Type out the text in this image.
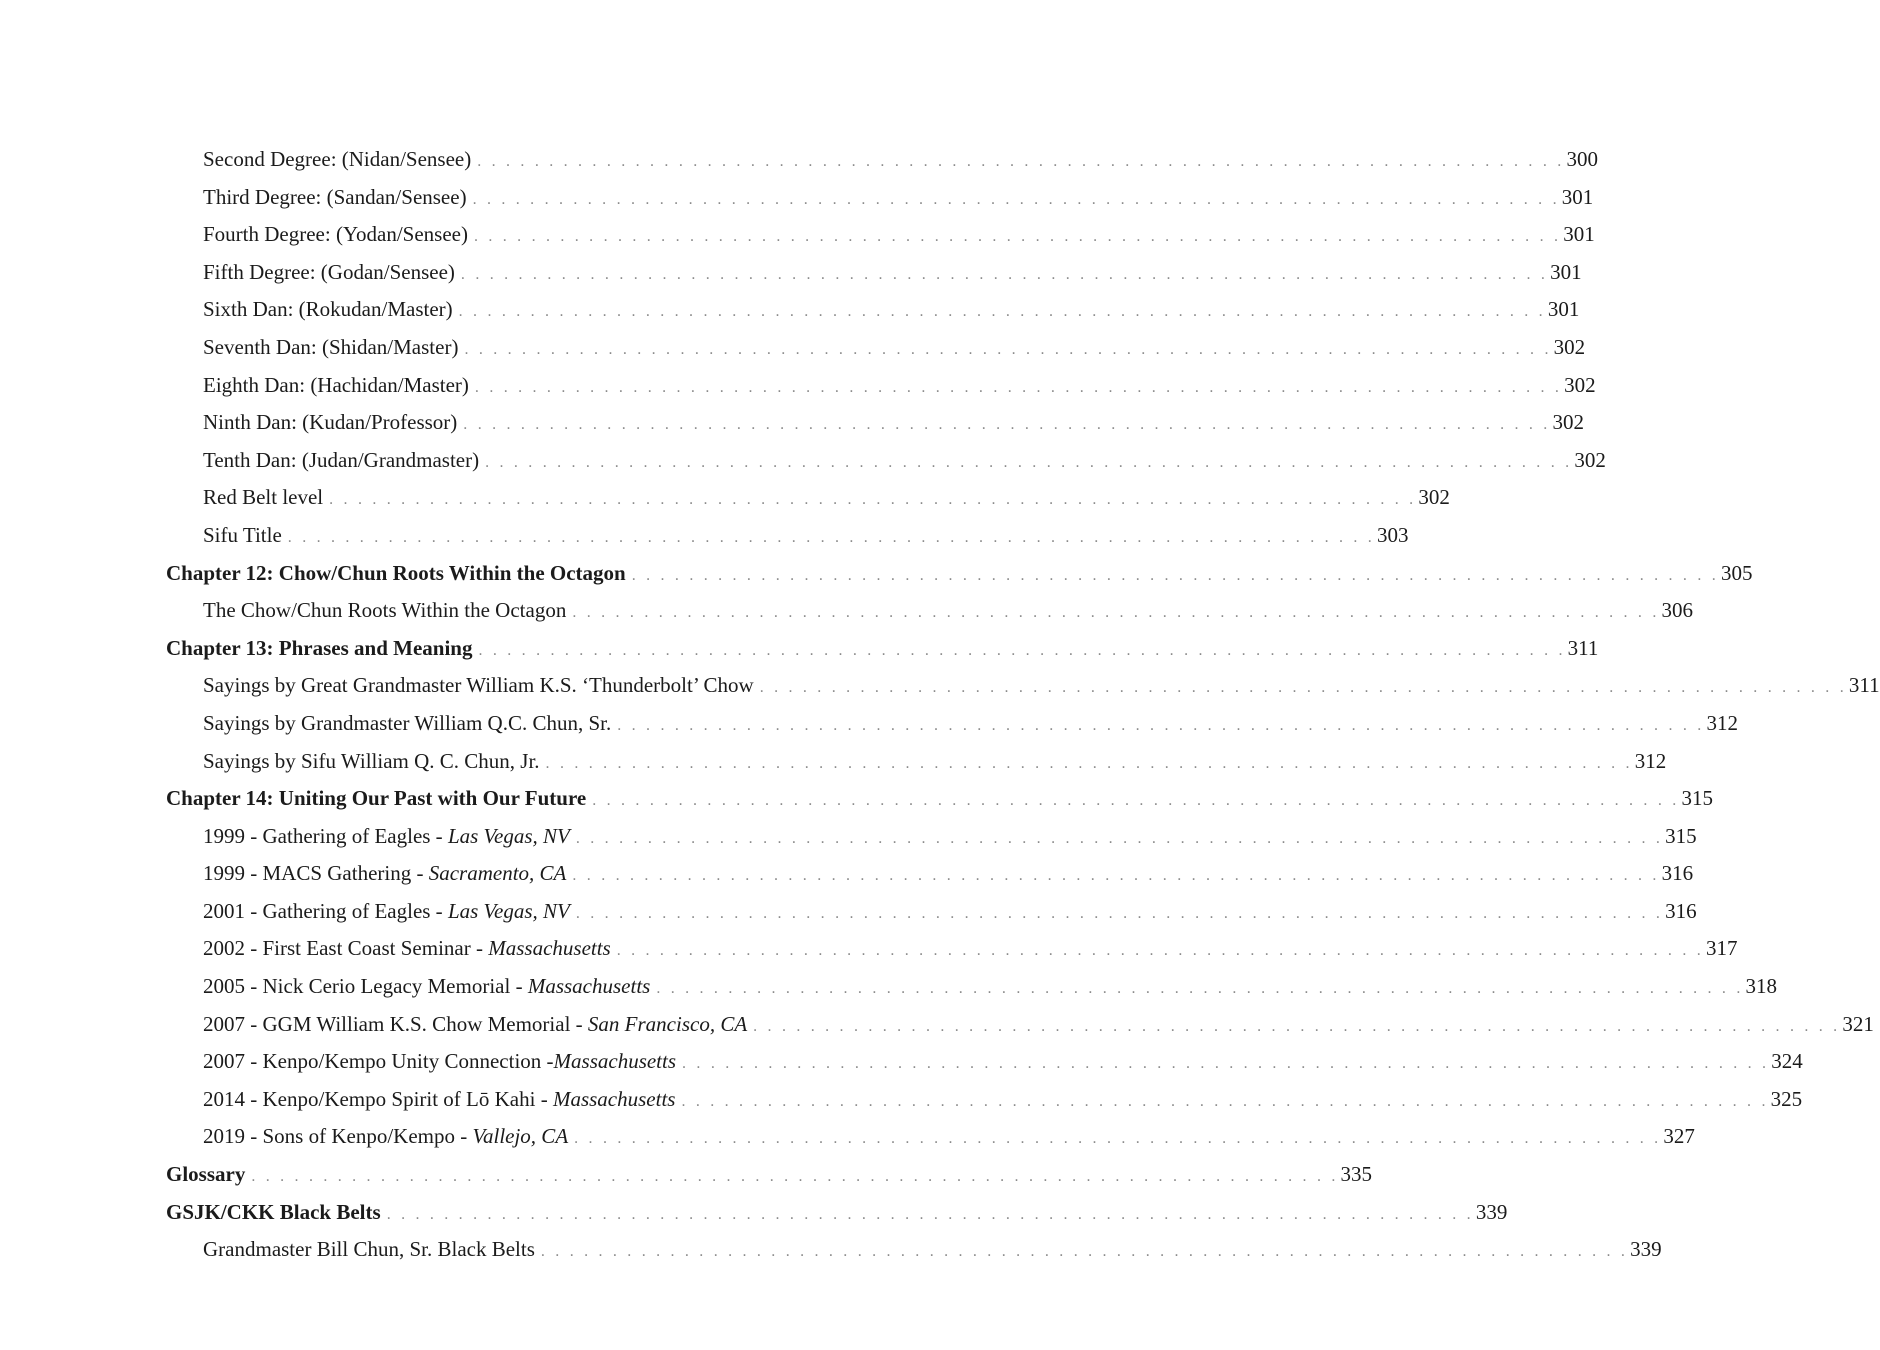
Second Degree: (Nidan/Sensee) . . . . . . . . . . . . . . . . . . . . . . . . . . . . . . . . . . . . . . . . . . . . . . . . . . . . . . . . . . . . . . . . . . . . . . . . . . . . 300
Third Degree: (Sandan/Sensee) . . . . . . . . . . . . . . . . . . . . . . . . . . . . . . . . . . . . . . . . . . . . . . . . . . . . . . . . . . . . . . . . . . . . . . . . . . . . 301
Fourth Degree: (Yodan/Sensee) . . . . . . . . . . . . . . . . . . . . . . . . . . . . . . . . . . . . . . . . . . . . . . . . . . . . . . . . . . . . . . . . . . . . . . . . . . . . 301
Fifth Degree: (Godan/Sensee) . . . . . . . . . . . . . . . . . . . . . . . . . . . . . . . . . . . . . . . . . . . . . . . . . . . . . . . . . . . . . . . . . . . . . . . . . . . . 301
Sixth Dan: (Rokudan/Master) . . . . . . . . . . . . . . . . . . . . . . . . . . . . . . . . . . . . . . . . . . . . . . . . . . . . . . . . . . . . . . . . . . . . . . . . . . . . 301
Seventh Dan: (Shidan/Master) . . . . . . . . . . . . . . . . . . . . . . . . . . . . . . . . . . . . . . . . . . . . . . . . . . . . . . . . . . . . . . . . . . . . . . . . . . . . 302
Eighth Dan: (Hachidan/Master) . . . . . . . . . . . . . . . . . . . . . . . . . . . . . . . . . . . . . . . . . . . . . . . . . . . . . . . . . . . . . . . . . . . . . . . . . . . . 302
Ninth Dan: (Kudan/Professor) . . . . . . . . . . . . . . . . . . . . . . . . . . . . . . . . . . . . . . . . . . . . . . . . . . . . . . . . . . . . . . . . . . . . . . . . . . . . 302
Tenth Dan: (Judan/Grandmaster) . . . . . . . . . . . . . . . . . . . . . . . . . . . . . . . . . . . . . . . . . . . . . . . . . . . . . . . . . . . . . . . . . . . . . . . . . . . . 302
Red Belt level . . . . . . . . . . . . . . . . . . . . . . . . . . . . . . . . . . . . . . . . . . . . . . . . . . . . . . . . . . . . . . . . . . . . . . . . . . . . 302
Sifu Title . . . . . . . . . . . . . . . . . . . . . . . . . . . . . . . . . . . . . . . . . . . . . . . . . . . . . . . . . . . . . . . . . . . . . . . . . . . . 303
Chapter 12: Chow/Chun Roots Within the Octagon . . . . . . . . . . . . . . . . . . . . . . . . . . . . . . . . . . . . . . . . . . . . . . . . . . . . . . . . . . . . . . . . . . . . . . . . . . . . 305
The Chow/Chun Roots Within the Octagon . . . . . . . . . . . . . . . . . . . . . . . . . . . . . . . . . . . . . . . . . . . . . . . . . . . . . . . . . . . . . . . . . . . . . . . . . . . . 306
Chapter 13: Phrases and Meaning . . . . . . . . . . . . . . . . . . . . . . . . . . . . . . . . . . . . . . . . . . . . . . . . . . . . . . . . . . . . . . . . . . . . . . . . . . . . 311
Sayings by Great Grandmaster William K.S. ‘Thunderbolt’ Chow . . . . . . . . . . . . . . . . . . . . . . . . . . . . . . . . . . . . . . . . . . . . . . . . . . . . . . . . . . . . . . . . . . . . . . . . . . . . 311
Sayings by Grandmaster William Q.C. Chun, Sr. . . . . . . . . . . . . . . . . . . . . . . . . . . . . . . . . . . . . . . . . . . . . . . . . . . . . . . . . . . . . . . . . . . . . . . . . . . . . 312
Sayings by Sifu William Q. C. Chun, Jr. . . . . . . . . . . . . . . . . . . . . . . . . . . . . . . . . . . . . . . . . . . . . . . . . . . . . . . . . . . . . . . . . . . . . . . . . . . . . 312
Chapter 14: Uniting Our Past with Our Future . . . . . . . . . . . . . . . . . . . . . . . . . . . . . . . . . . . . . . . . . . . . . . . . . . . . . . . . . . . . . . . . . . . . . . . . . . . . 315
1999 - Gathering of Eagles - Las Vegas, NV . . . . . . . . . . . . . . . . . . . . . . . . . . . . . . . . . . . . . . . . . . . . . . . . . . . . . . . . . . . . . . . . . . . . . . . . . . . . 315
1999 - MACS Gathering - Sacramento, CA . . . . . . . . . . . . . . . . . . . . . . . . . . . . . . . . . . . . . . . . . . . . . . . . . . . . . . . . . . . . . . . . . . . . . . . . . . . . 316
2001 - Gathering of Eagles - Las Vegas, NV . . . . . . . . . . . . . . . . . . . . . . . . . . . . . . . . . . . . . . . . . . . . . . . . . . . . . . . . . . . . . . . . . . . . . . . . . . . . 316
2002 - First East Coast Seminar - Massachusetts . . . . . . . . . . . . . . . . . . . . . . . . . . . . . . . . . . . . . . . . . . . . . . . . . . . . . . . . . . . . . . . . . . . . . . . . . . . . 317
2005 - Nick Cerio Legacy Memorial - Massachusetts . . . . . . . . . . . . . . . . . . . . . . . . . . . . . . . . . . . . . . . . . . . . . . . . . . . . . . . . . . . . . . . . . . . . . . . . . . . . 318
2007 - GGM William K.S. Chow Memorial - San Francisco, CA . . . . . . . . . . . . . . . . . . . . . . . . . . . . . . . . . . . . . . . . . . . . . . . . . . . . . . . . . . . . . . . . . . . . . . . . . . . . 321
2007 - Kenpo/Kempo Unity Connection -Massachusetts . . . . . . . . . . . . . . . . . . . . . . . . . . . . . . . . . . . . . . . . . . . . . . . . . . . . . . . . . . . . . . . . . . . . . . . . . . . . 324
2014 - Kenpo/Kempo Spirit of Lō Kahi - Massachusetts . . . . . . . . . . . . . . . . . . . . . . . . . . . . . . . . . . . . . . . . . . . . . . . . . . . . . . . . . . . . . . . . . . . . . . . . . . . . 325
2019 - Sons of Kenpo/Kempo - Vallejo, CA . . . . . . . . . . . . . . . . . . . . . . . . . . . . . . . . . . . . . . . . . . . . . . . . . . . . . . . . . . . . . . . . . . . . . . . . . . . . 327
Glossary . . . . . . . . . . . . . . . . . . . . . . . . . . . . . . . . . . . . . . . . . . . . . . . . . . . . . . . . . . . . . . . . . . . . . . . . . . . . 335
GSJK/CKK Black Belts . . . . . . . . . . . . . . . . . . . . . . . . . . . . . . . . . . . . . . . . . . . . . . . . . . . . . . . . . . . . . . . . . . . . . . . . . . . . 339
Grandmaster Bill Chun, Sr. Black Belts . . . . . . . . . . . . . . . . . . . . . . . . . . . . . . . . . . . . . . . . . . . . . . . . . . . . . . . . . . . . . . . . . . . . . . . . . . . . 339
